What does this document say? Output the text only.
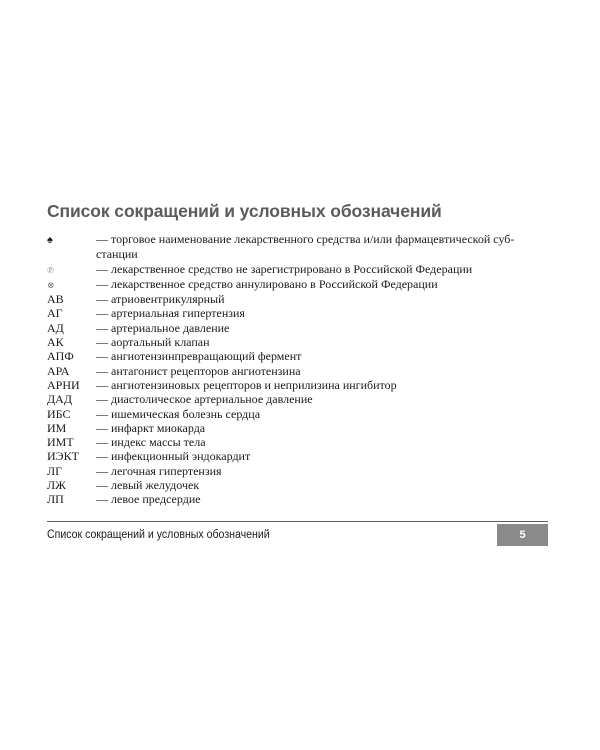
Список сокращений и условных обозначений
♠	— торговое наименование лекарственного средства и/или фармацевтической суб-
станции
℗	— лекарственное средство не зарегистрировано в Российской Федерации
⊗	— лекарственное средство аннулировано в Российской Федерации
АВ	— атриовентрикулярный
АГ	— артериальная гипертензия
АД	— артериальное давление
АК	— аортальный клапан
АПФ	— ангиотензинпревращающий фермент
АРА	— антагонист рецепторов ангиотензина
АРНИ	— ангиотензиновых рецепторов и неприлизина ингибитор
ДАД	— диастолическое артериальное давление
ИБС	— ишемическая болезнь сердца
ИМ	— инфаркт миокарда
ИМТ	— индекс массы тела
ИЭКТ	— инфекционный эндокардит
ЛГ	— легочная гипертензия
ЛЖ	— левый желудочек
ЛП	— левое предсердие
Список сокращений и условных обозначений	5
